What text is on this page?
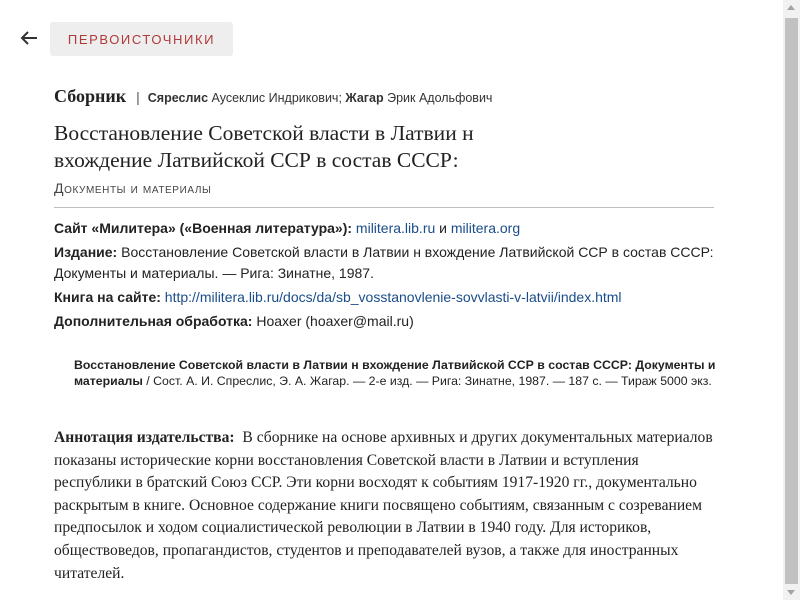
ПЕРВОИСТОЧНИКИ
Сборник | Сяреслис Аусеклис Индрикович; Жагар Эрик Адольфович
Восстановление Советской власти в Латвии н вхождение Латвийской ССР в состав СССР:
Документы и материалы

Сайт «Милитера» («Военная литература»): militera.lib.ru и militera.org

Издание: Восстановление Советской власти в Латвии н вхождение Латвийской ССР в состав СССР: Документы и материалы. — Рига: Зинатне, 1987.

Книга на сайте: http://militera.lib.ru/docs/da/sb_vosstanovlenie-sovvlasti-v-latvii/index.html

Дополнительная обработка: Hoaxer (hoaxer@mail.ru)

Восстановление Советской власти в Латвии н вхождение Латвийской ССР в состав СССР: Документы и материалы / Сост. А. И. Спреслис, Э. А. Жагар. — 2-е изд. — Рига: Зинатне, 1987. — 187 с. — Тираж 5000 экз.

Аннотация издательства: В сборнике на основе архивных и других документальных материалов показаны исторические корни восстановления Советской власти в Латвии и вступления республики в братский Союз ССР. Эти корни восходят к событиям 1917-1920 гг., документально раскрытым в книге. Основное содержание книги посвящено событиям, связанным с созреванием предпосылок и ходом социалистической революции в Латвии в 1940 году. Для историков, обществоведов, пропагандистов, студентов и преподавателей вузов, а также для иностранных читателей.
